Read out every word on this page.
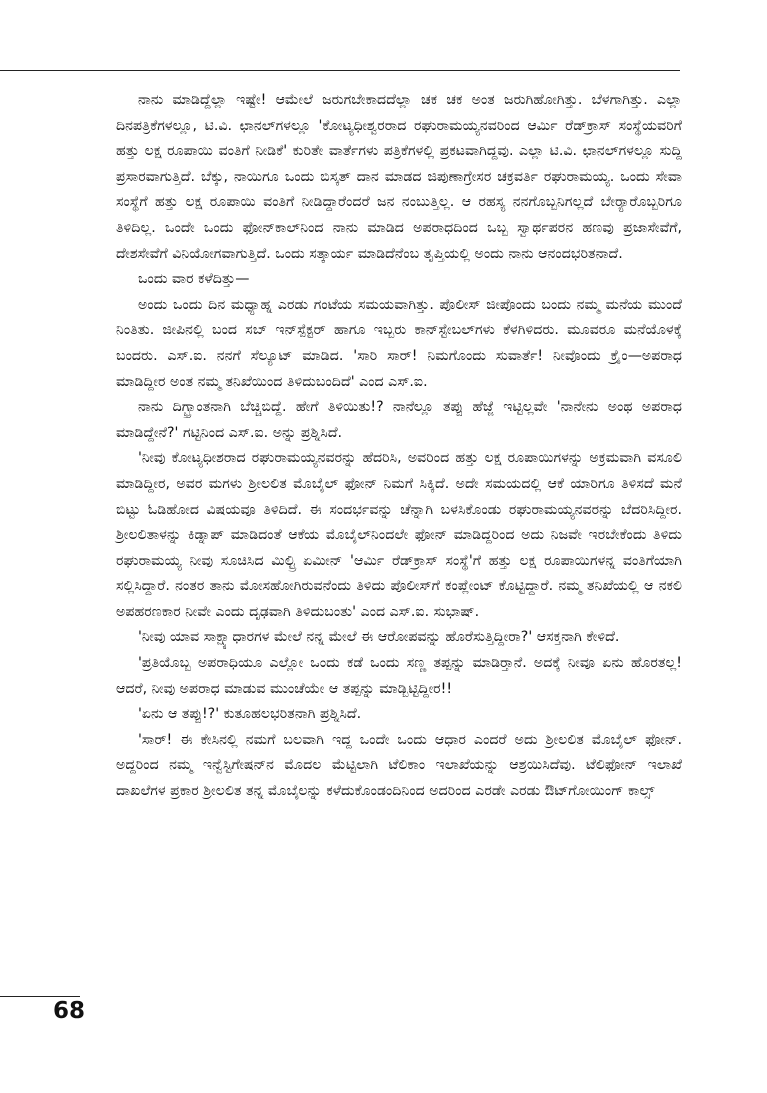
ನಾನು ಮಾಡಿದ್ದೆಲ್ಲಾ ಇಷ್ಟೇ! ಆಮೇಲೆ ಜರುಗಬೇಕಾದದೆಲ್ಲಾ ಚಕ ಚಕ ಅಂತ ಜರುಗಿಹೋಗಿತ್ತು. ಬೆಳಗಾಗಿತ್ತು. ಎಲ್ಲಾ ದಿನಪತ್ರಿಕೆಗಳಲ್ಲೂ, ಟಿ.ವಿ. ಛಾನಲ್‌ಗಳಲ್ಲೂ 'ಕೋಟ್ಯಧೀಶ್ವರರಾದ ರಘುರಾಮಯ್ಯನವರಿಂದ ಆರ್ಮಿ ರೆಡ್‌ಕ್ರಾಸ್ ಸಂಸ್ಥೆಯವರಿಗೆ ಹತ್ತು ಲಕ್ಷ ರೂಪಾಯಿ ವಂತಿಗೆ ನೀಡಿಕೆ' ಕುರಿತೇ ವಾರ್ತೆಗಳು ಪತ್ರಿಕೆಗಳಲ್ಲಿ ಪ್ರಕಟವಾಗಿದ್ದವು. ಎಲ್ಲಾ ಟಿ.ವಿ. ಛಾನಲ್‌ಗಳಲ್ಲೂ ಸುದ್ದಿ ಪ್ರಸಾರವಾಗುತ್ತಿದೆ. ಬೆಕ್ಕು, ನಾಯಿಗೂ ಒಂದು ಬಿಸ್ಕತ್ ದಾನ ಮಾಡದ ಜಿಪುಣಾಗ್ರೇಸರ ಚಕ್ರವರ್ತಿ ರಘುರಾಮಯ್ಯ. ಒಂದು ಸೇವಾ ಸಂಸ್ಥೆಗೆ ಹತ್ತು ಲಕ್ಷ ರೂಪಾಯಿ ವಂತಿಗೆ ನೀಡಿದ್ದಾರೆಂದರೆ ಜನ ನಂಬುತ್ತಿಲ್ಲ. ಆ ರಹಸ್ಯ ನನಗೊಬ್ಬನಿಗಲ್ಲದೆ ಬೇರ್‍ಯಾರೊಬ್ಬರಿಗೂ ತಿಳಿದಿಲ್ಲ. ಒಂದೇ ಒಂದು ಫೋನ್‌ಕಾಲ್‌ನಿಂದ ನಾನು ಮಾಡಿದ ಅಪರಾಧದಿಂದ ಒಬ್ಬ ಸ್ವಾರ್ಥಪರನ ಹಣವು ಪ್ರಜಾಸೇವೆಗೆ, ದೇಶಸೇವೆಗೆ ವಿನಿಯೋಗವಾಗುತ್ತಿದೆ. ಒಂದು ಸತ್ಕಾರ್ಯ ಮಾಡಿದೆನೆಂಬ ತೃಪ್ತಿಯಲ್ಲಿ ಅಂದು ನಾನು ಆನಂದಭರಿತನಾದೆ.

ಒಂದು ವಾರ ಕಳೆದಿತ್ತು—

ಅಂದು ಒಂದು ದಿನ ಮಧ್ಯಾಹ್ನ ಎರಡು ಗಂಟೆಯ ಸಮಯವಾಗಿತ್ತು. ಪೊಲೀಸ್ ಜೀಪೊಂದು ಬಂದು ನಮ್ಮ ಮನೆಯ ಮುಂದೆ ನಿಂತಿತು. ಜೀಪಿನಲ್ಲಿ ಬಂದ ಸಬ್ ಇನ್‌ಸ್ಪೆಕ್ಟರ್ ಹಾಗೂ ಇಬ್ಬರು ಕಾನ್‌ಸ್ಟೇಬಲ್‌ಗಳು ಕೆಳಗಿಳಿದರು. ಮೂವರೂ ಮನೆಯೊಳಕ್ಕೆ ಬಂದರು. ಎಸ್.ಐ. ನನಗೆ ಸೆಲ್ಯೂಟ್ ಮಾಡಿದ. 'ಸಾರಿ ಸಾರ್! ನಿಮಗೊಂದು ಸುವಾರ್ತೆ! ನೀವೊಂದು ಕ್ರೈಂ—ಅಪರಾಧ ಮಾಡಿದ್ದೀರ ಅಂತ ನಮ್ಮ ತನಿಖೆಯಿಂದ ತಿಳಿದುಬಂದಿದೆ' ಎಂದ ಎಸ್.ಐ.

ನಾನು ದಿಗ್ಭ್ರಾಂತನಾಗಿ ಬೆಚ್ಚಿಬಿದ್ದೆ. ಹೇಗೆ ತಿಳಿಯಿತು!? ನಾನೆಲ್ಲೂ ತಪ್ಪು ಹೆಜ್ಜೆ ಇಟ್ಟಿಲ್ಲವೇ 'ನಾನೇನು ಅಂಥ ಅಪರಾಧ ಮಾಡಿದ್ದೇನೆ?' ಗಟ್ಟಿನಿಂದ ಎಸ್.ಐ. ಅನ್ನು ಪ್ರಶ್ನಿಸಿದೆ.

'ನೀವು ಕೋಟ್ಯಧೀಶರಾದ ರಘುರಾಮಯ್ಯನವರನ್ನು ಹೆದರಿಸಿ, ಅವರಿಂದ ಹತ್ತು ಲಕ್ಷ ರೂಪಾಯಿಗಳನ್ನು ಅಕ್ರಮವಾಗಿ ವಸೂಲಿ ಮಾಡಿದ್ದೀರ, ಅವರ ಮಗಳು ಶ್ರೀಲಲಿತ ಮೊಬೈಲ್ ಫೋನ್ ನಿಮಗೆ ಸಿಕ್ಕಿದೆ. ಅದೇ ಸಮಯದಲ್ಲಿ ಆಕೆ ಯಾರಿಗೂ ತಿಳಿಸದೆ ಮನೆ ಬಿಟ್ಟು ಓಡಿಹೋದ ವಿಷಯವೂ ತಿಳಿದಿದೆ. ಈ ಸಂದರ್ಭವನ್ನು ಚೆನ್ನಾಗಿ ಬಳಸಿಕೊಂಡು ರಘುರಾಮಯ್ಯನವರನ್ನು ಬೆದರಿಸಿದ್ದೀರ. ಶ್ರೀಲಲಿತಾಳನ್ನು ಕಿಡ್ನಾಪ್ ಮಾಡಿದಂತೆ ಆಕೆಯ ಮೊಬೈಲ್‌ನಿಂದಲೇ ಫೋನ್ ಮಾಡಿದ್ದರಿಂದ ಅದು ನಿಜವೇ ಇರಬೇಕೆಂದು ತಿಳಿದು ರಘುರಾಮಯ್ಯ ನೀವು ಸೂಚಿಸಿದ ಮಿಲ್ಟ್ರಿ ಏಮೀನ್ 'ಆರ್ಮಿ ರೆಡ್‌ಕ್ರಾಸ್ ಸಂಸ್ಥೆ'ಗೆ ಹತ್ತು ಲಕ್ಷ ರೂಪಾಯಿಗಳನ್ನ ವಂತಿಗೆಯಾಗಿ ಸಲ್ಲಿಸಿದ್ದಾರೆ. ನಂತರ ತಾನು ಮೋಸಹೋಗಿರುವನೆಂದು ತಿಳಿದು ಪೊಲೀಸ್‌ಗೆ ಕಂಪ್ಲೇಂಟ್ ಕೊಟ್ಟಿದ್ದಾರೆ. ನಮ್ಮ ತನಿಖೆಯಲ್ಲಿ ಆ ನಕಲಿ ಅಪಹರಣಕಾರ ನೀವೇ ಎಂದು ದೃಢವಾಗಿ ತಿಳಿದುಬಂತು' ಎಂದ ಎಸ್.ಐ. ಸುಭಾಷ್.

'ನೀವು ಯಾವ ಸಾಕ್ಷ್ಯಾಧಾರಗಳ ಮೇಲೆ ನನ್ನ ಮೇಲೆ ಈ ಆರೋಪವನ್ನು ಹೊರೆಸುತ್ತಿದ್ದೀರಾ?' ಆಸಕ್ತನಾಗಿ ಕೇಳಿದೆ.

'ಪ್ರತಿಯೊಬ್ಬ ಅಪರಾಧಿಯೂ ಎಲ್ಲೋ ಒಂದು ಕಡೆ ಒಂದು ಸಣ್ಣ ತಪ್ಪನ್ನು ಮಾಡಿರ್‍ತಾನೆ. ಅದಕ್ಕೆ ನೀವೂ ಏನು ಹೊರತಲ್ಲ! ಆದರೆ, ನೀವು ಅಪರಾಧ ಮಾಡುವ ಮುಂಚೆಯೇ ಆ ತಪ್ಪನ್ನು ಮಾಡ್ಬಿಟ್ಟಿದ್ದೀರ!!

'ಏನು ಆ ತಪ್ಪು!?' ಕುತೂಹಲಭರಿತನಾಗಿ ಪ್ರಶ್ನಿಸಿದೆ.

'ಸಾರ್! ಈ ಕೇಸಿನಲ್ಲಿ ನಮಗೆ ಬಲವಾಗಿ ಇದ್ದ ಒಂದೇ ಒಂದು ಆಧಾರ ಎಂದರೆ ಅದು ಶ್ರೀಲಲಿತ ಮೊಬೈಲ್ ಫೋನ್. ಅದ್ದರಿಂದ ನಮ್ಮ ಇನ್ವೆಸ್ಟಿಗೇಷನ್‌ನ ಮೊದಲ ಮೆಟ್ಟಿಲಾಗಿ ಟೆಲಿಕಾಂ ಇಲಾಖೆಯನ್ನು ಆಶ್ರಯಿಸಿದೆವು. ಟೆಲಿಫೋನ್ ಇಲಾಖೆ ದಾಖಲೆಗಳ ಪ್ರಕಾರ ಶ್ರೀಲಲಿತ ತನ್ನ ಮೊಬೈಲನ್ನು ಕಳೆದುಕೊಂಡಂದಿನಿಂದ ಅದರಿಂದ ಎರಡೇ ಎರಡು ಔಟ್‌ಗೋಯಿಂಗ್ ಕಾಲ್ಸ್

68
